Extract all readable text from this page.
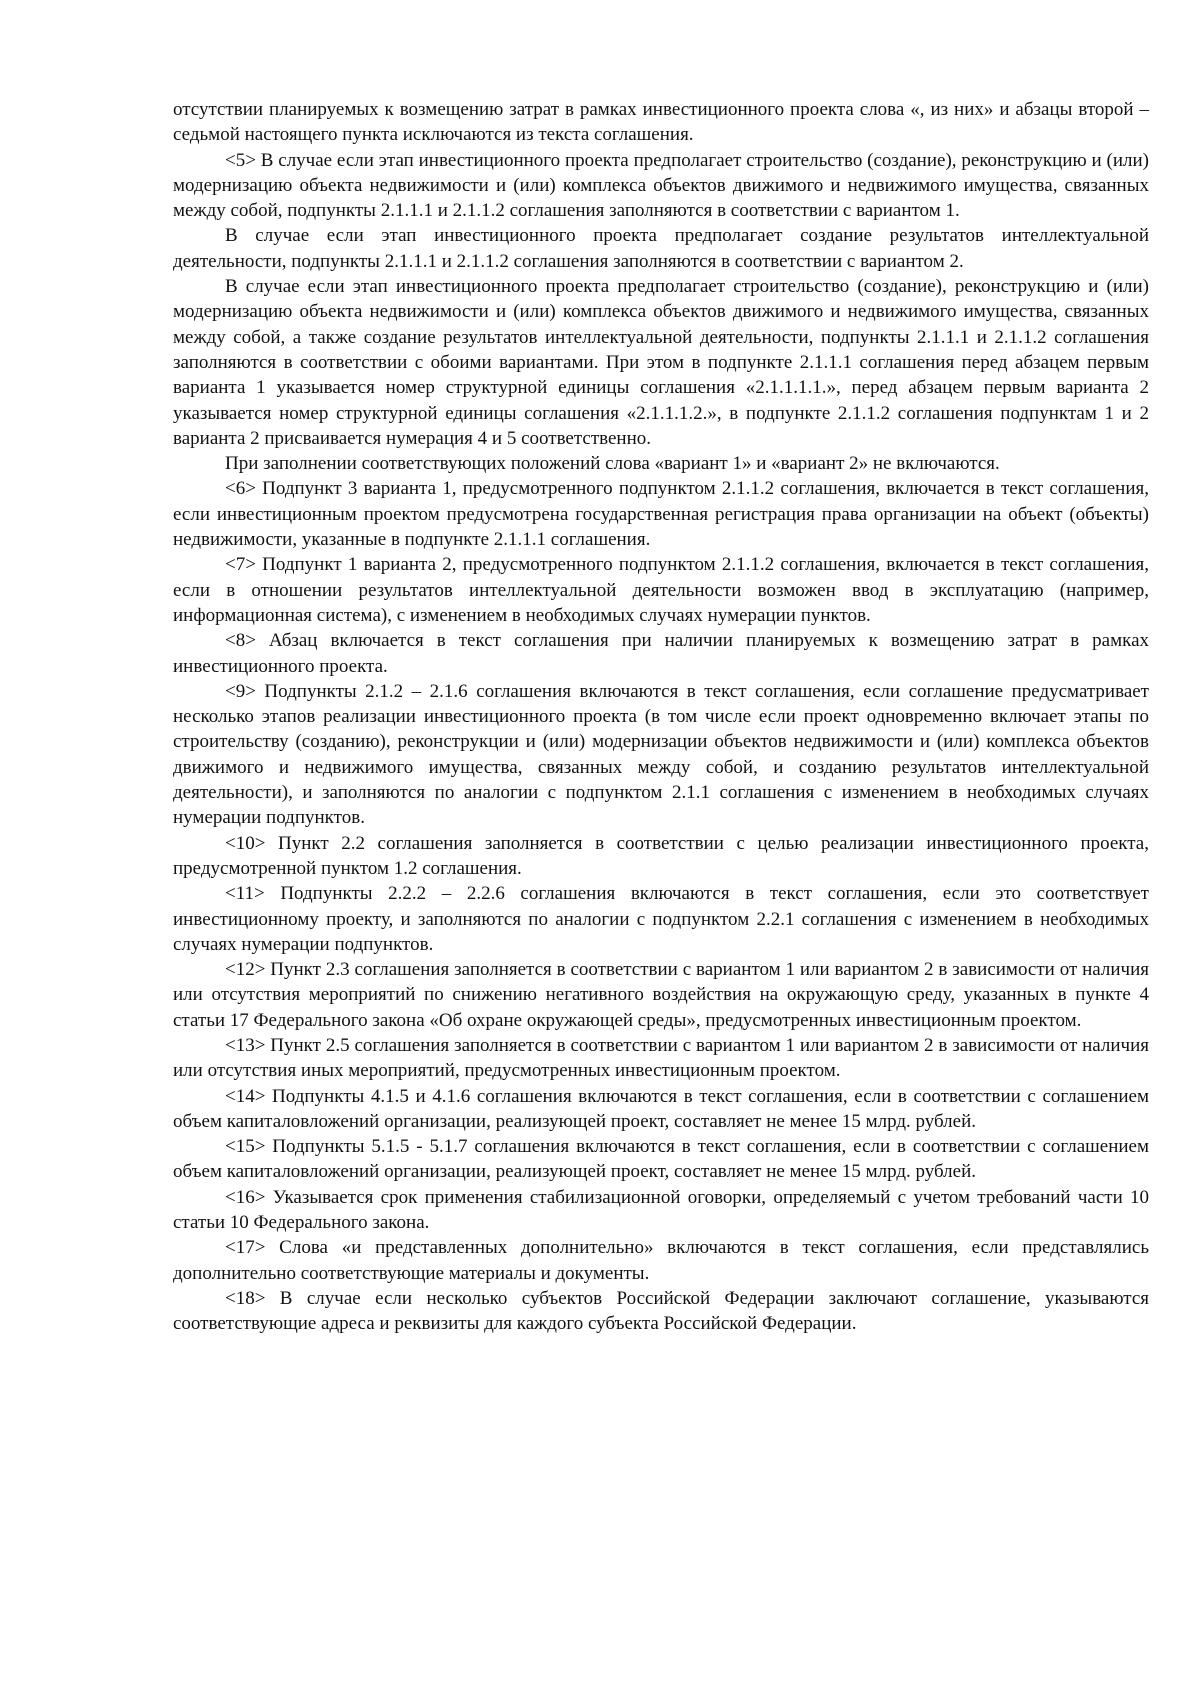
отсутствии планируемых к возмещению затрат в рамках инвестиционного проекта слова «, из них» и абзацы второй – седьмой настоящего пункта исключаются из текста соглашения.

<5> В случае если этап инвестиционного проекта предполагает строительство (создание), реконструкцию и (или) модернизацию объекта недвижимости и (или) комплекса объектов движимого и недвижимого имущества, связанных между собой, подпункты 2.1.1.1 и 2.1.1.2 соглашения заполняются в соответствии с вариантом 1.

В случае если этап инвестиционного проекта предполагает создание результатов интеллектуальной деятельности, подпункты 2.1.1.1 и 2.1.1.2 соглашения заполняются в соответствии с вариантом 2.

В случае если этап инвестиционного проекта предполагает строительство (создание), реконструкцию и (или) модернизацию объекта недвижимости и (или) комплекса объектов движимого и недвижимого имущества, связанных между собой, а также создание результатов интеллектуальной деятельности, подпункты 2.1.1.1 и 2.1.1.2 соглашения заполняются в соответствии с обоими вариантами. При этом в подпункте 2.1.1.1 соглашения перед абзацем первым варианта 1 указывается номер структурной единицы соглашения «2.1.1.1.1.», перед абзацем первым варианта 2 указывается номер структурной единицы соглашения «2.1.1.1.2.», в подпункте 2.1.1.2 соглашения подпунктам 1 и 2 варианта 2 присваивается нумерация 4 и 5 соответственно.

При заполнении соответствующих положений слова «вариант 1» и «вариант 2» не включаются.

<6> Подпункт 3 варианта 1, предусмотренного подпунктом 2.1.1.2 соглашения, включается в текст соглашения, если инвестиционным проектом предусмотрена государственная регистрация права организации на объект (объекты) недвижимости, указанные в подпункте 2.1.1.1 соглашения.

<7> Подпункт 1 варианта 2, предусмотренного подпунктом 2.1.1.2 соглашения, включается в текст соглашения, если в отношении результатов интеллектуальной деятельности возможен ввод в эксплуатацию (например, информационная система), с изменением в необходимых случаях нумерации пунктов.

<8> Абзац включается в текст соглашения при наличии планируемых к возмещению затрат в рамках инвестиционного проекта.

<9> Подпункты 2.1.2 – 2.1.6 соглашения включаются в текст соглашения, если соглашение предусматривает несколько этапов реализации инвестиционного проекта (в том числе если проект одновременно включает этапы по строительству (созданию), реконструкции и (или) модернизации объектов недвижимости и (или) комплекса объектов движимого и недвижимого имущества, связанных между собой, и созданию результатов интеллектуальной деятельности), и заполняются по аналогии с подпунктом 2.1.1 соглашения с изменением в необходимых случаях нумерации подпунктов.

<10> Пункт 2.2 соглашения заполняется в соответствии с целью реализации инвестиционного проекта, предусмотренной пунктом 1.2 соглашения.

<11> Подпункты 2.2.2 – 2.2.6 соглашения включаются в текст соглашения, если это соответствует инвестиционному проекту, и заполняются по аналогии с подпунктом 2.2.1 соглашения с изменением в необходимых случаях нумерации подпунктов.

<12> Пункт 2.3 соглашения заполняется в соответствии с вариантом 1 или вариантом 2 в зависимости от наличия или отсутствия мероприятий по снижению негативного воздействия на окружающую среду, указанных в пункте 4 статьи 17 Федерального закона «Об охране окружающей среды», предусмотренных инвестиционным проектом.

<13> Пункт 2.5 соглашения заполняется в соответствии с вариантом 1 или вариантом 2 в зависимости от наличия или отсутствия иных мероприятий, предусмотренных инвестиционным проектом.

<14> Подпункты 4.1.5 и 4.1.6 соглашения включаются в текст соглашения, если в соответствии с соглашением объем капиталовложений организации, реализующей проект, составляет не менее 15 млрд. рублей.

<15> Подпункты 5.1.5 - 5.1.7 соглашения включаются в текст соглашения, если в соответствии с соглашением объем капиталовложений организации, реализующей проект, составляет не менее 15 млрд. рублей.

<16> Указывается срок применения стабилизационной оговорки, определяемый с учетом требований части 10 статьи 10 Федерального закона.

<17> Слова «и представленных дополнительно» включаются в текст соглашения, если представлялись дополнительно соответствующие материалы и документы.

<18> В случае если несколько субъектов Российской Федерации заключают соглашение, указываются соответствующие адреса и реквизиты для каждого субъекта Российской Федерации.
